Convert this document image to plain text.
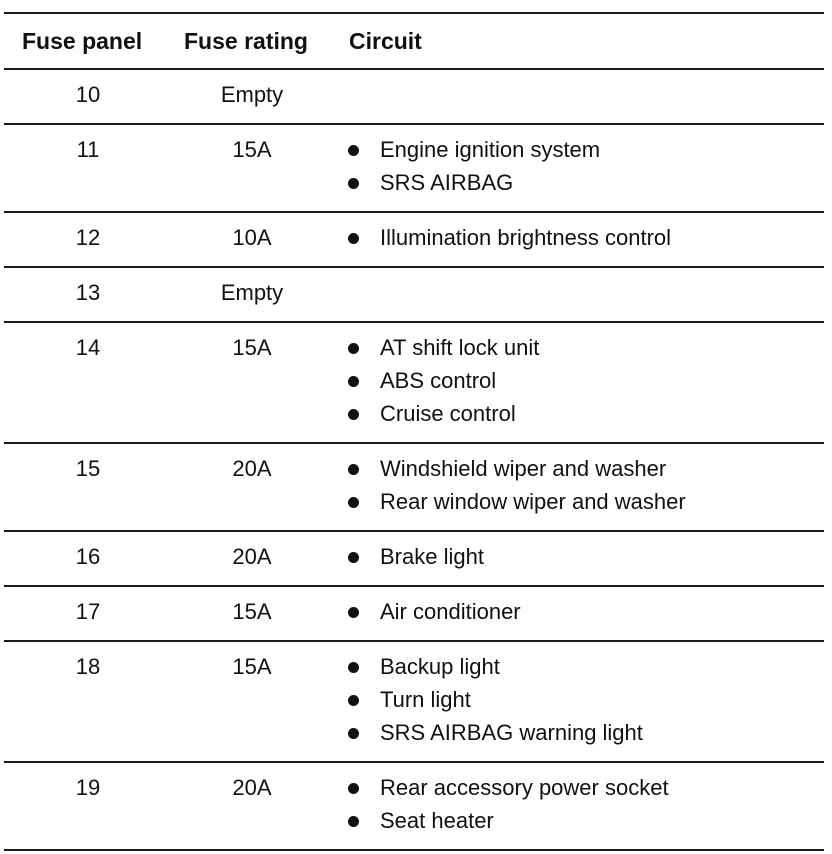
Fuse panel Fuse rating Circuit
10	Empty
11	15A	Engine ignition system
SRS AIRBAG
12	10A	Illumination brightness control
13	Empty
14	15A	AT shift lock unit
ABS control
Cruise control
15	20A	Windshield wiper and washer
Rear window wiper and washer
16	20A	Brake light
17	15A	Air conditioner
18	15A	Backup light
Turn light
SRS AIRBAG warning light
19	20A	Rear accessory power socket
Seat heater
